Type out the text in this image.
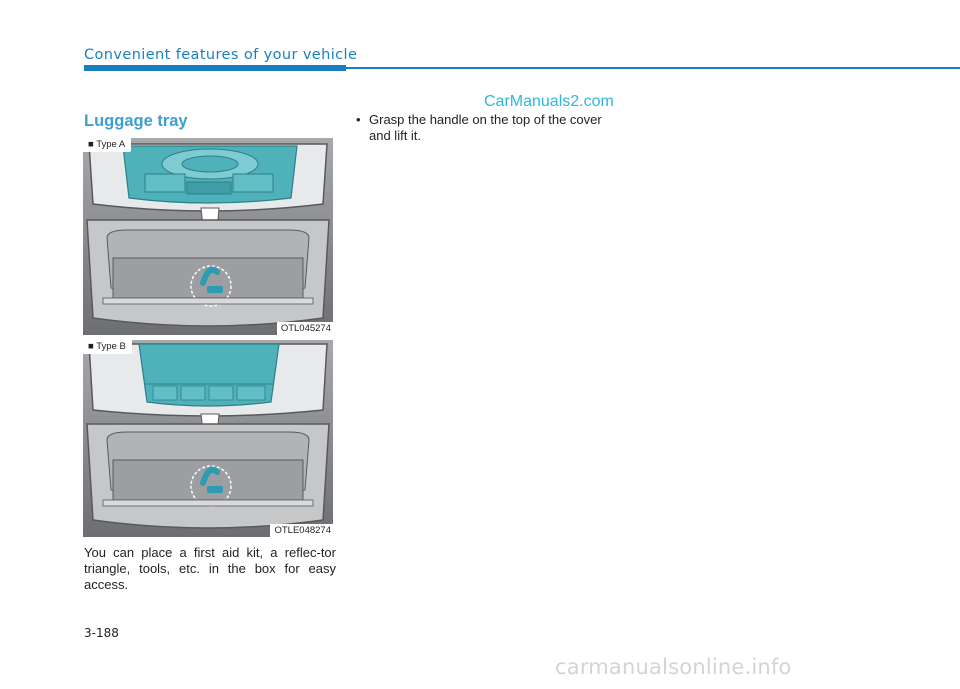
Convenient features of your vehicle
CarManuals2.com
Luggage tray
■ Type A
OTL045274
■ Type B
OTLE048274

You can place a first aid kit, a reflec-tor triangle, tools, etc. in the box for easy access.

• Grasp the handle on the top of the cover and lift it.
3-188
carmanualsonline.info
